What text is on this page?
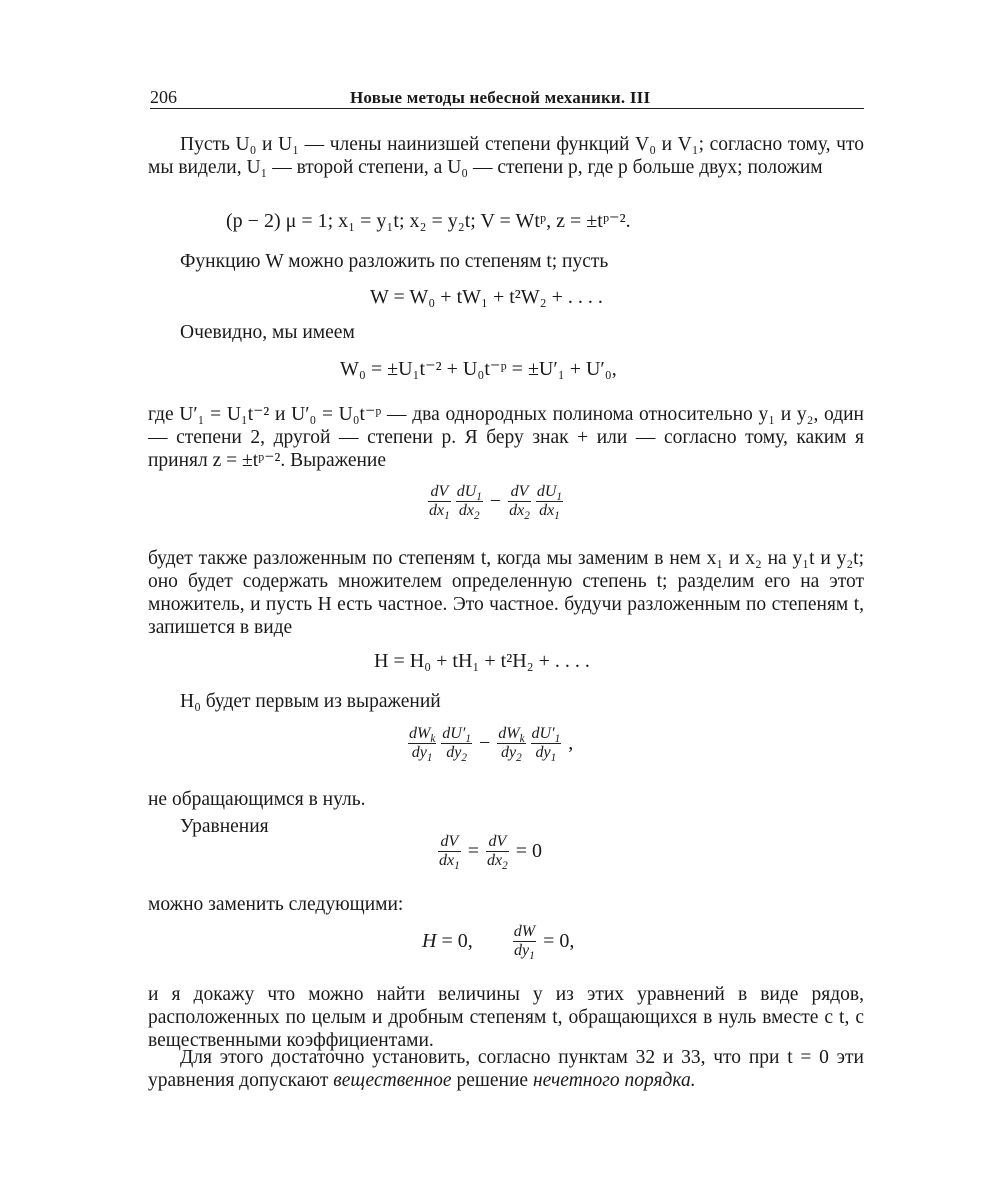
206	Новые методы небесной механики. III
Пусть U₀ и U₁ — члены наинизшей степени функций V₀ и V₁; согласно тому, что мы видели, U₁ — второй степени, а U₀ — степени p, где p больше двух; положим
(p − 2) μ = 1; x₁ = y₁t; x₂ = y₂t; V = Wtᵖ, z = ±tᵖ⁻².
Функцию W можно разложить по степеням t; пусть
W = W₀ + tW₁ + t²W₂ + . . . .
Очевидно, мы имеем
W₀ = ±U₁t⁻² + U₀t⁻ᵖ = ±U′₁ + U′₀,
где U′₁ = U₁t⁻² и U′₀ = U₀t⁻ᵖ — два однородных полинома относительно y₁ и y₂, один — степени 2, другой — степени p. Я беру знак + или — согласно тому, каким я принял z = ±tᵖ⁻². Выражение
$\frac{dV}{dx_1}$
$\frac{dU_1}{dx_2} - \frac{dV}{dx_2}$
$\frac{dU_1}{dx_1}$
будет также разложенным по степеням t, когда мы заменим в нем x₁ и x₂ на y₁t и y₂t; оно будет содержать множителем определенную степень t; разделим его на этот множитель, и пусть H есть частное. Это частное. будучи разложенным по степеням t, запишется в виде
H = H₀ + tH₁ + t²H₂ + . . . .
H₀ будет первым из выражений
$\frac{dW_k}{dy_1}$
$\frac{dU'_1}{dy_2} - \frac{dW_k}{dy_2}$
$\frac{dU'_1}{dy_1}$ ,
не обращающимся в нуль.
Уравнения
$\frac{dV}{dx_1} = \frac{dV}{dx_2} = 0$
можно заменить следующими:
H = 0,	$\frac{dW}{dy_1} = 0$,
и я докажу что можно найти величины y из этих уравнений в виде рядов, расположенных по целым и дробным степеням t, обращающихся в нуль вместе с t, с вещественными коэффициентами.
Для этого достаточно установить, согласно пунктам 32 и 33, что при t = 0 эти уравнения допускают вещественное решение нечетного порядка.
